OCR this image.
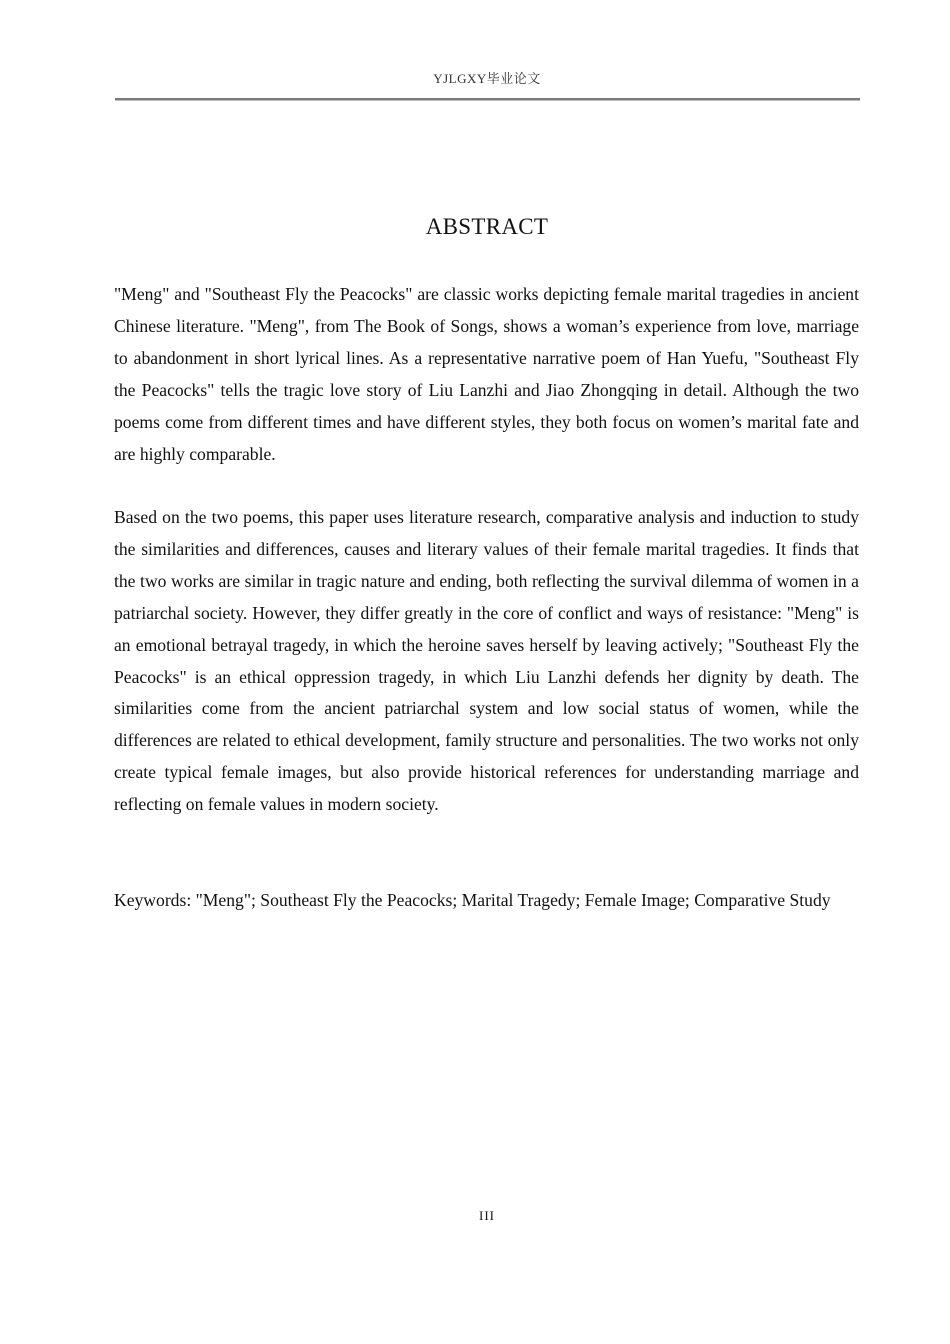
YJLGXY毕业论文
ABSTRACT

"Meng" and "Southeast Fly the Peacocks" are classic works depicting female marital tragedies in ancient Chinese literature. "Meng", from The Book of Songs, shows a woman’s experience from love, marriage to abandonment in short lyrical lines. As a representative narrative poem of Han Yuefu, "Southeast Fly the Peacocks" tells the tragic love story of Liu Lanzhi and Jiao Zhongqing in detail. Although the two poems come from different times and have different styles, they both focus on women’s marital fate and are highly comparable.

Based on the two poems, this paper uses literature research, comparative analysis and induction to study the similarities and differences, causes and literary values of their female marital tragedies. It finds that the two works are similar in tragic nature and ending, both reflecting the survival dilemma of women in a patriarchal society. However, they differ greatly in the core of conflict and ways of resistance: "Meng" is an emotional betrayal tragedy, in which the heroine saves herself by leaving actively; "Southeast Fly the Peacocks" is an ethical oppression tragedy, in which Liu Lanzhi defends her dignity by death. The similarities come from the ancient patriarchal system and low social status of women, while the differences are related to ethical development, family structure and personalities. The two works not only create typical female images, but also provide historical references for understanding marriage and reflecting on female values in modern society.

Keywords: "Meng"; Southeast Fly the Peacocks; Marital Tragedy; Female Image; Comparative Study

III
